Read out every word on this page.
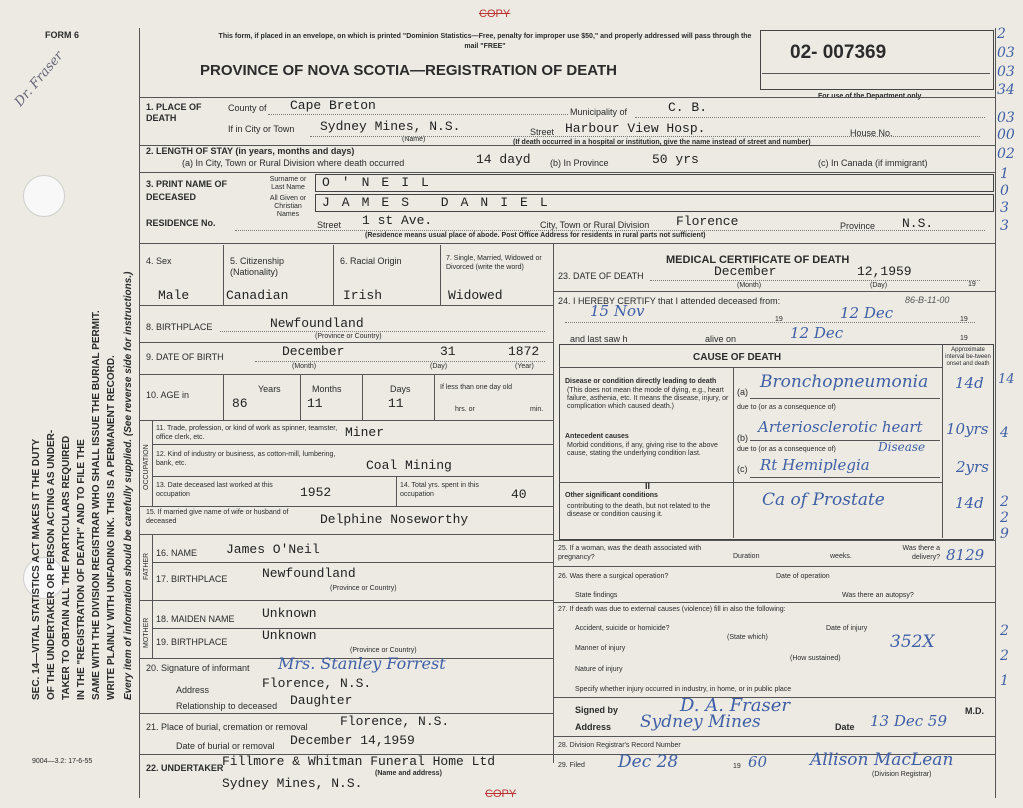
FORM 6
Dr. Fraser
SEC. 14—VITAL STATISTICS ACT MAKES IT THE DUTY OF THE UNDERTAKER OR PERSON ACTING AS UNDER- TAKER TO OBTAIN ALL THE PARTICULARS REQUIRED IN THE "REGISTRATION OF DEATH" AND TO FILE THE SAME WITH THE DIVISION REGISTRAR WHO SHALL ISSUE THE BURIAL PERMIT. WRITE PLAINLY WITH UNFADING INK. THIS IS A PERMANENT RECORD. Every item of information should be carefully supplied. (See reverse side for instructions.)
9004—3.2: 17-6-55
COPY
This form, if placed in an envelope, on which is printed "Dominion Statistics—Free, penalty for improper use $50," and properly addressed will pass through the mail "FREE"
PROVINCE OF NOVA SCOTIA—REGISTRATION OF DEATH
02- 007369
For use of the Department only
2
03
03
34
03
00
02
1
0
3
3
14
4
2
2
9
2
2
1
1. PLACE OF DEATH
County of Cape Breton	Municipality of	C. B.
If in City or Town Sydney Mines, N.S.
(Name)
Street Harbour View Hosp.	House No.
(If death occurred in a hospital or institution, give the name instead of street and number)
2. LENGTH OF STAY (in years, months and days)
(a) In City, Town or Rural Division where death occurred	14 dayd (b) In Province	50 yrs	(c) In Canada (if immigrant)
3. PRINT NAME OF DECEASED
Surname or Last Name	O'NEIL
All Given or Christian Names
JAMES DANIEL
RESIDENCE No.	Street 1 st Ave.	City, Town or Rural Division Florence	Province N.S.
(Residence means usual place of abode. Post Office Address for residents in rural parts not sufficient)
4. Sex	5. Citizenship (Nationality)
6. Racial Origin	7. Single, Married, Widowed or Divorced (write the word)
Male	Canadian	Irish	Widowed
8. BIRTHPLACE	Newfoundland
(Province or Country)
9. DATE OF BIRTH	December	31	1872
(Month)	(Day)	(Year)
10. AGE in
Years
86
Months
11
Days
11
If less than one day old
hrs. or	min.
OCCUPATION
11. Trade, profession, or kind of work as spinner, teamster, office clerk, etc.	Miner
12. Kind of industry or business, as cotton-mill, lumbering, bank, etc.	Coal Mining
13. Date deceased last worked at this occupation	1952	14. Total yrs. spent in this occupation	40
15. If married give name of wife or husband of deceased	Delphine Noseworthy
FATHER 16. NAME James O'Neil
17. BIRTHPLACE	Newfoundland
(Province or Country)
MOTHER 18. MAIDEN NAME Unknown
19. BIRTHPLACE	Unknown
(Province or Country)
20. Signature of informant Mrs. Stanley Forrest
Address	Florence, N.S.
Relationship to deceased Daughter
21. Place of burial, cremation or removal Florence, N.S.
Date of burial or removal December 14,1959
22. UNDERTAKER
Fillmore & Whitman Funeral Home Ltd
(Name and address)
Sydney Mines, N.S.
COPY
MEDICAL CERTIFICATE OF DEATH
23. DATE OF DEATH	December	12,1959
(Month)	(Day)	19
24. I HEREBY CERTIFY that I attended deceased from:	86-B-11-00
15 Nov	12 Dec
19	19
and last saw h	alive on	12 Dec	19
CAUSE OF DEATH
Approximate interval be-tween onset and death
Disease or condition directly leading to death
(This does not mean the mode of dying, e.g., heart failure, asthenia, etc. It means the disease, injury, or complication which caused death.)
(a) Bronchopneumonia 14d
due to (or as a consequence of)
Antecedent causes
Morbid conditions, if any, giving rise to the above cause, stating the underlying condition last.
(b)
Arteriosclerotic heart 10yrs
due to (or as a consequence of)	Disease
(c) Rt Hemiplegia	2yrs
II
Other significant conditions
contributing to the death, but not related to the disease or condition causing it.
Ca of Prostate	14d
25. If a woman, was the death associated with pregnancy?	Duration	weeks.
Was there a delivery? 8129
26. Was there a surgical operation?	Date of operation
State findings	Was there an autopsy?
27. If death was due to external causes (violence) fill in also the following:
Accident, suicide or homicide?
(State which)
Date of injury
352X
Manner of injury
(How sustained)
Nature of injury
Specify whether injury occurred in industry, in home, or in public place
Signed by	D. A. Fraser	M.D.
Address Sydney Mines	Date 13 Dec 59
28. Division Registrar's Record Number
29. Filed Dec 28	19 60	Allison MacLean
(Division Registrar)
